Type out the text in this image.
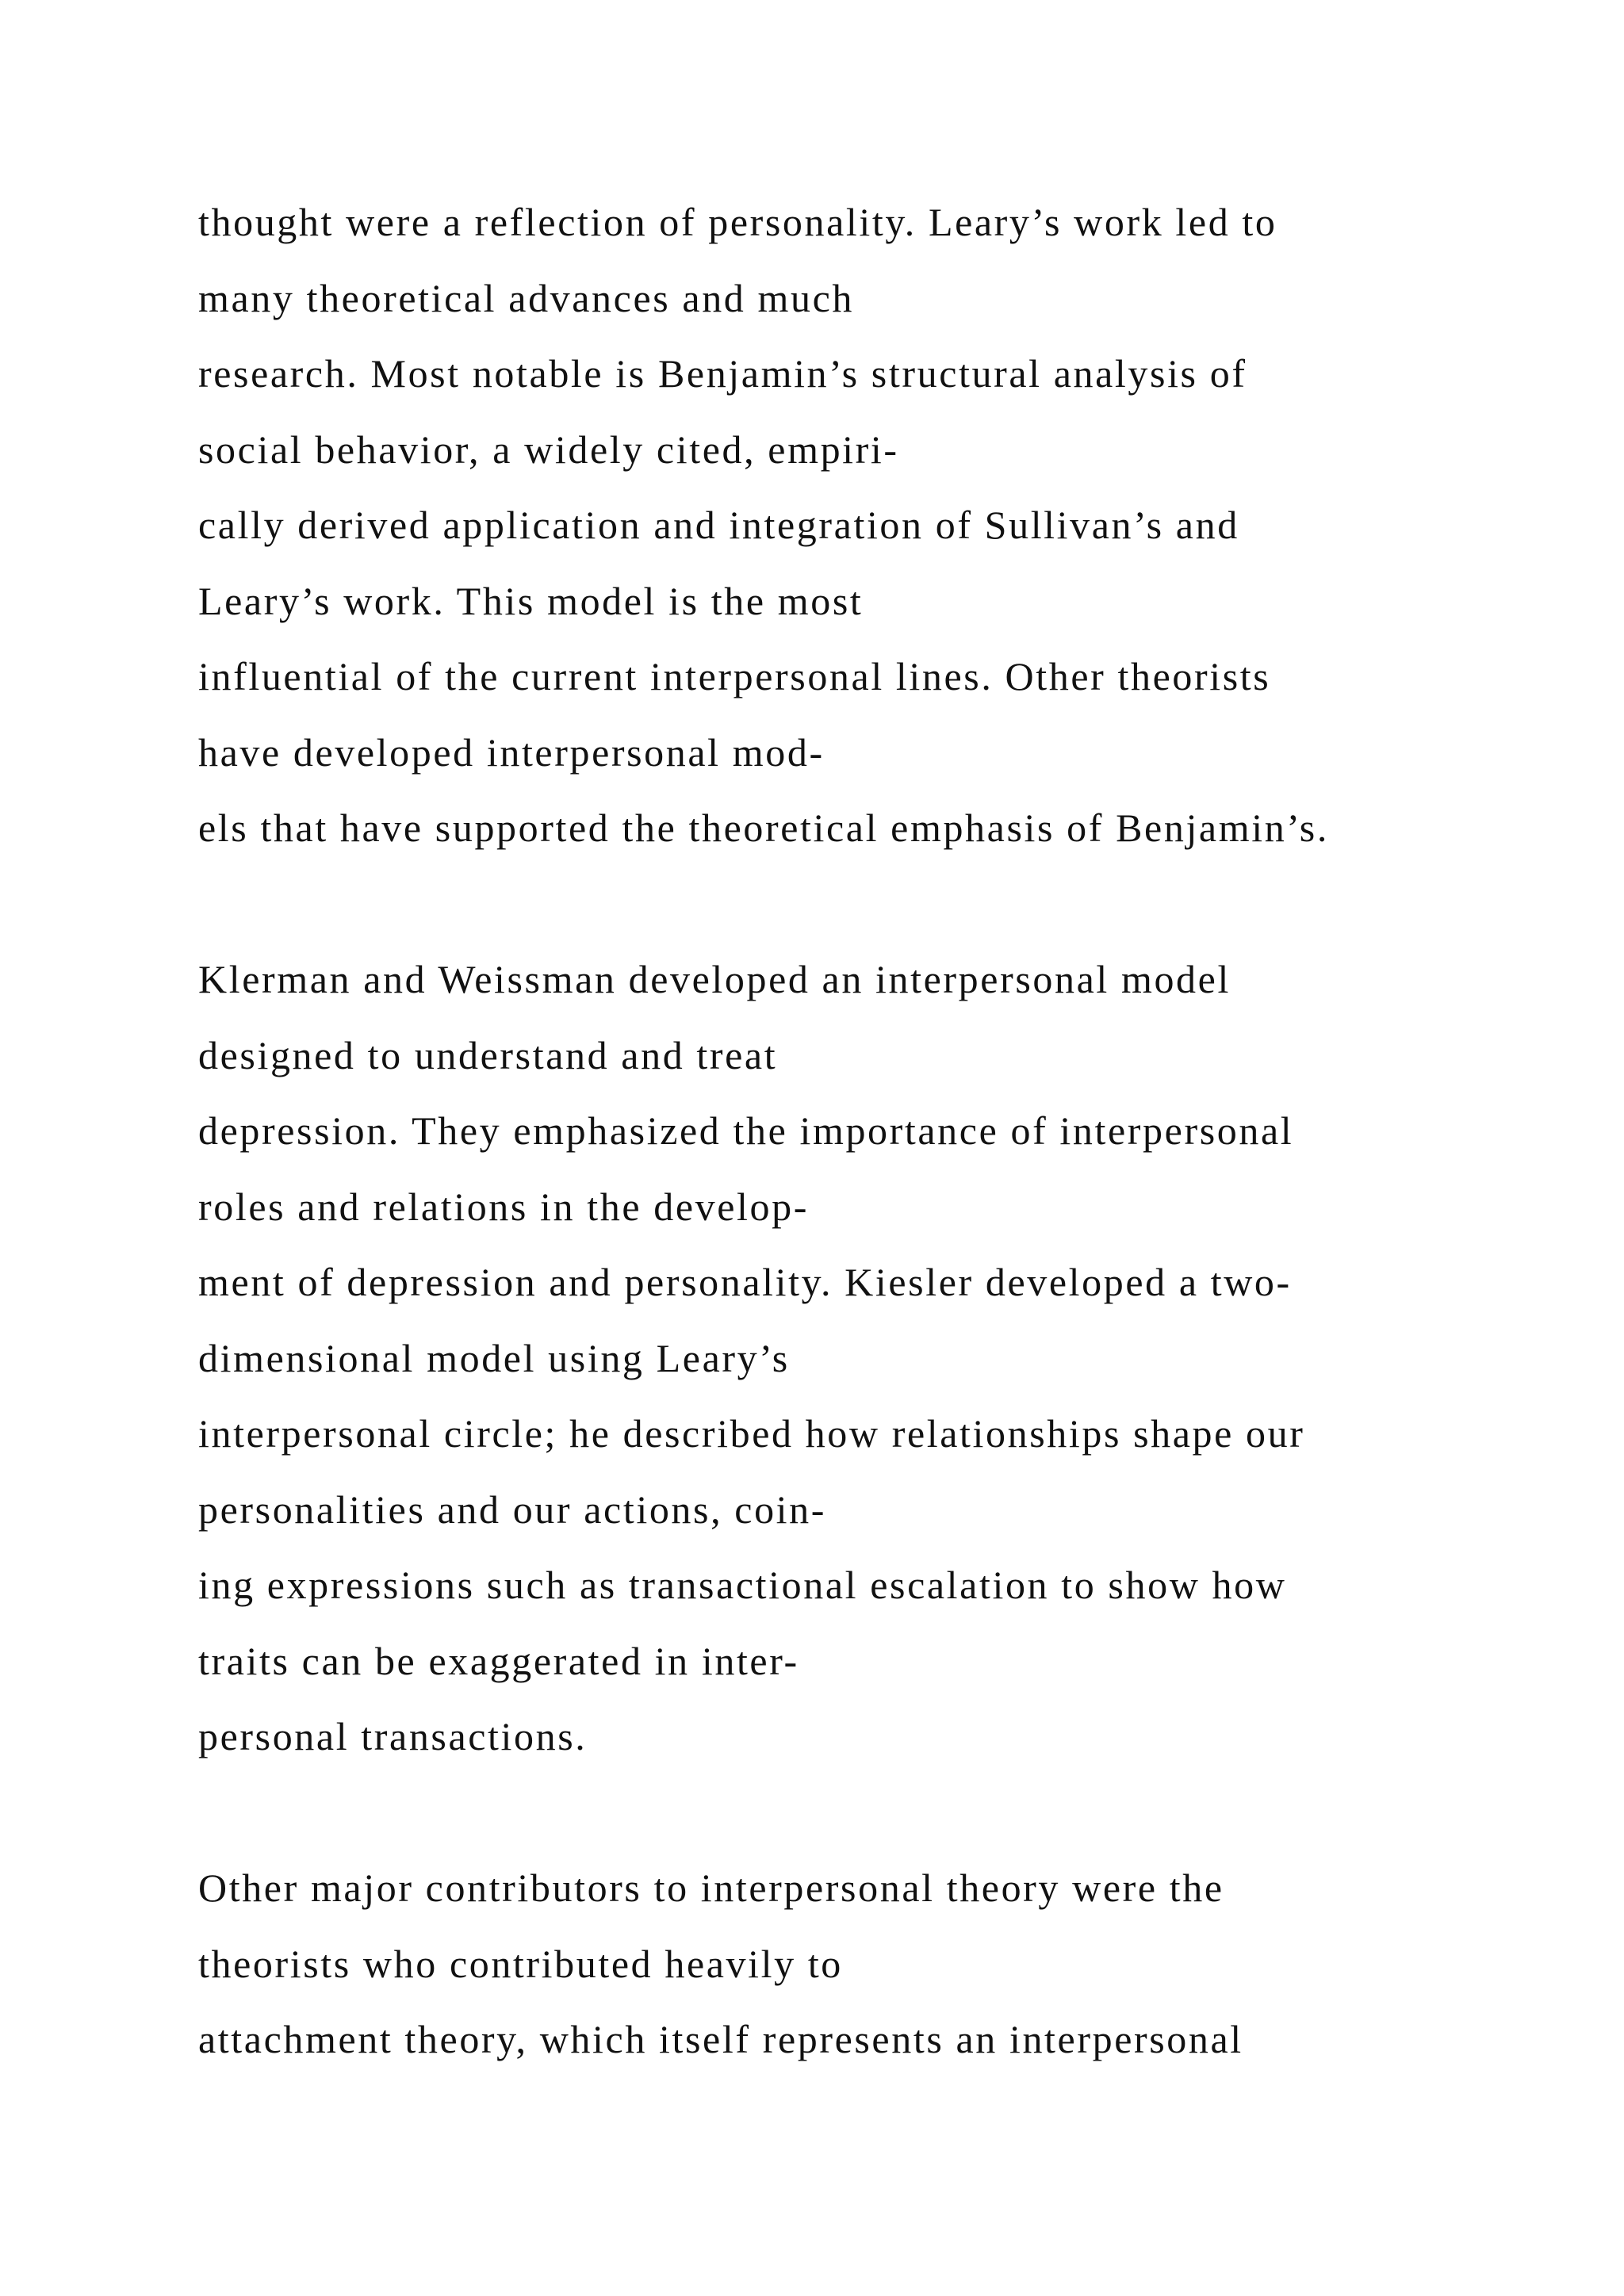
thought were a reflection of personality. Leary’s work led to
many theoretical advances and much
research. Most notable is Benjamin’s structural analysis of
social behavior, a widely cited, empiri-
cally derived application and integration of Sullivan’s and
Leary’s work. This model is the most
influential of the current interpersonal lines. Other theorists
have developed interpersonal mod-
els that have supported the theoretical emphasis of Benjamin’s.
Klerman and Weissman developed an interpersonal model
designed to understand and treat
depression. They emphasized the importance of interpersonal
roles and relations in the develop-
ment of depression and personality. Kiesler developed a two-
dimensional model using Leary’s
interpersonal circle; he described how relationships shape our
personalities and our actions, coin-
ing expressions such as transactional escalation to show how
traits can be exaggerated in inter-
personal transactions.
Other major contributors to interpersonal theory were the
theorists who contributed heavily to
attachment theory, which itself represents an interpersonal
